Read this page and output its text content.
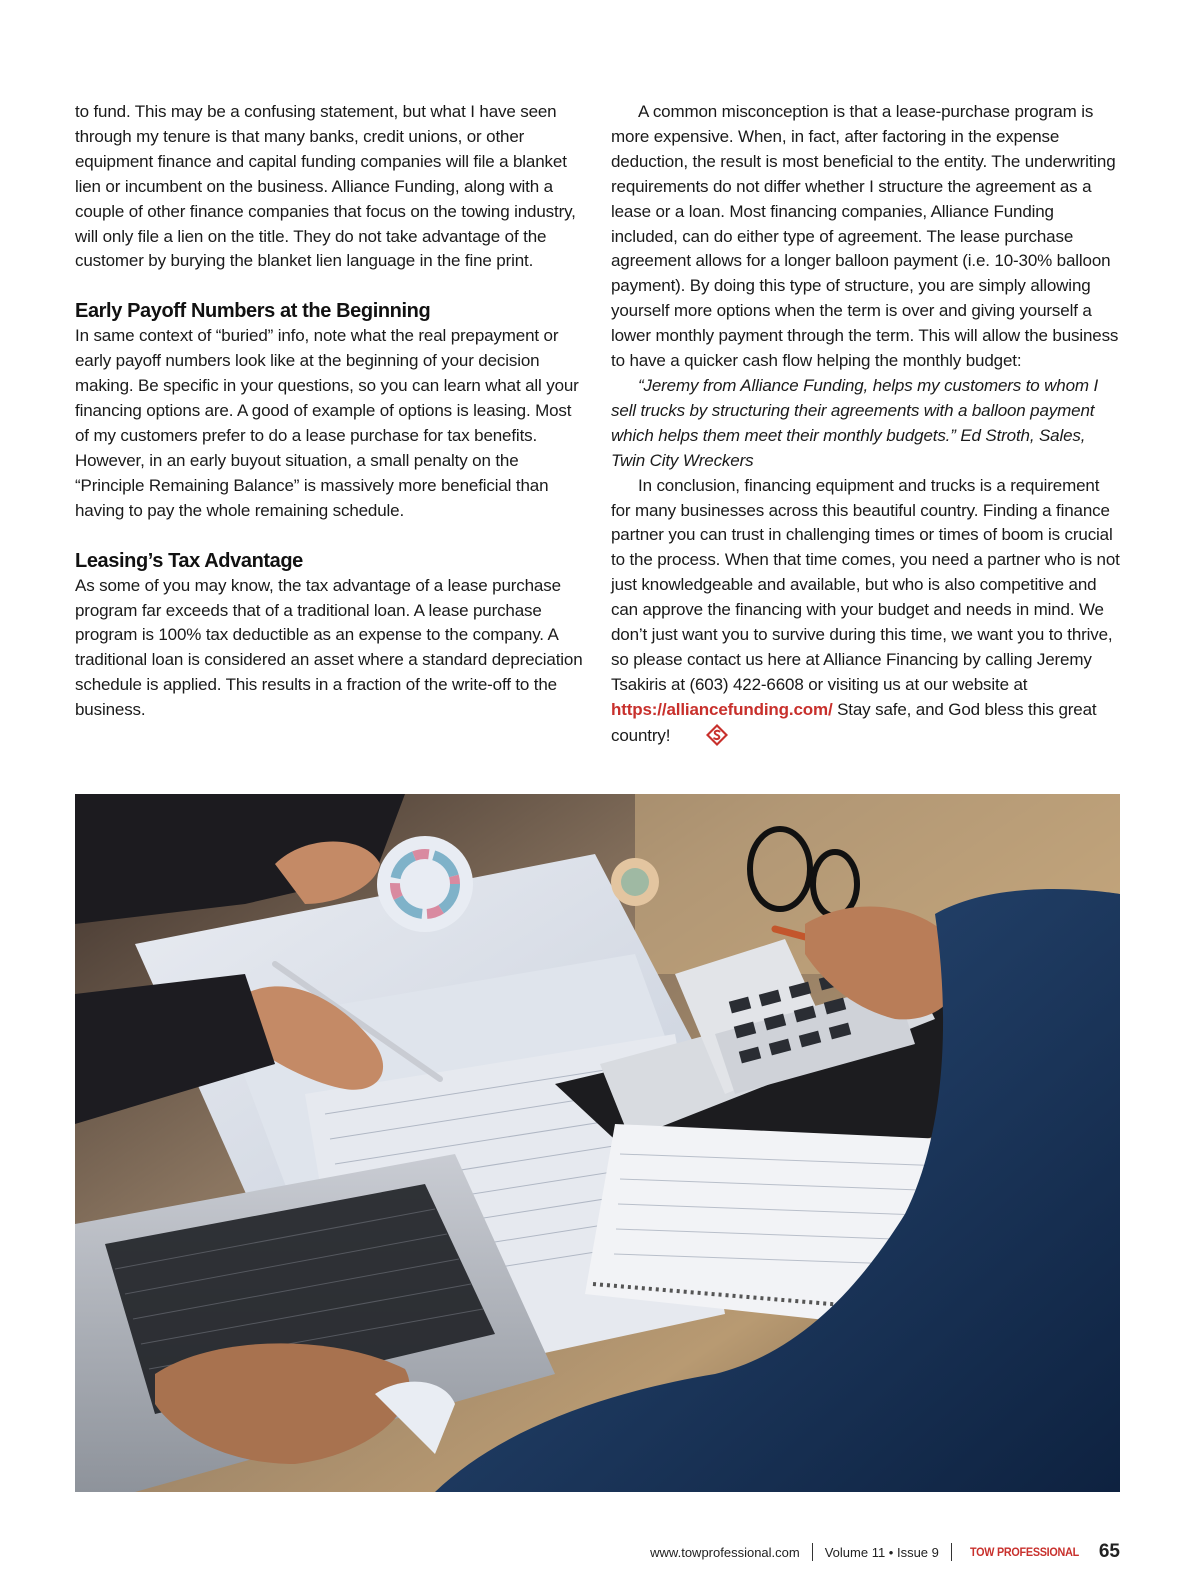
to fund. This may be a confusing statement, but what I have seen through my tenure is that many banks, credit unions, or other equipment finance and capital funding companies will file a blanket lien or incumbent on the business. Alliance Funding, along with a couple of other finance companies that focus on the towing industry, will only file a lien on the title. They do not take advantage of the customer by burying the blanket lien language in the fine print.

Early Payoff Numbers at the Beginning

In same context of “buried” info, note what the real prepayment or early payoff numbers look like at the beginning of your decision making. Be specific in your questions, so you can learn what all your financing options are. A good of example of options is leasing. Most of my customers prefer to do a lease purchase for tax benefits. However, in an early buyout situation, a small penalty on the “Principle Remaining Balance” is massively more beneficial than having to pay the whole remaining schedule.

Leasing’s Tax Advantage

As some of you may know, the tax advantage of a lease purchase program far exceeds that of a traditional loan. A lease purchase program is 100% tax deductible as an expense to the company. A traditional loan is considered an asset where a standard depreciation schedule is applied. This results in a fraction of the write-off to the business.

A common misconception is that a lease-purchase program is more expensive. When, in fact, after factoring in the expense deduction, the result is most beneficial to the entity. The underwriting requirements do not differ whether I structure the agreement as a lease or a loan. Most financing companies, Alliance Funding included, can do either type of agreement. The lease purchase agreement allows for a longer balloon payment (i.e. 10-30% balloon payment). By doing this type of structure, you are simply allowing yourself more options when the term is over and giving yourself a lower monthly payment through the term. This will allow the business to have a quicker cash flow helping the monthly budget:

“Jeremy from Alliance Funding, helps my customers to whom I sell trucks by structuring their agreements with a balloon payment which helps them meet their monthly budgets.” Ed Stroth, Sales, Twin City Wreckers

In conclusion, financing equipment and trucks is a requirement for many businesses across this beautiful country. Finding a finance partner you can trust in challenging times or times of boom is crucial to the process. When that time comes, you need a partner who is not just knowledgeable and available, but who is also competitive and can approve the financing with your budget and needs in mind. We don’t just want you to survive during this time, we want you to thrive, so please contact us here at Alliance Financing by calling Jeremy Tsakiris at (603) 422-6608 or visiting us at our website at https://alliancefunding.com/ Stay safe, and God bless this great country!

www.towprofessional.com Volume 11 • Issue 9	TOW PROFESSIONAL 65
